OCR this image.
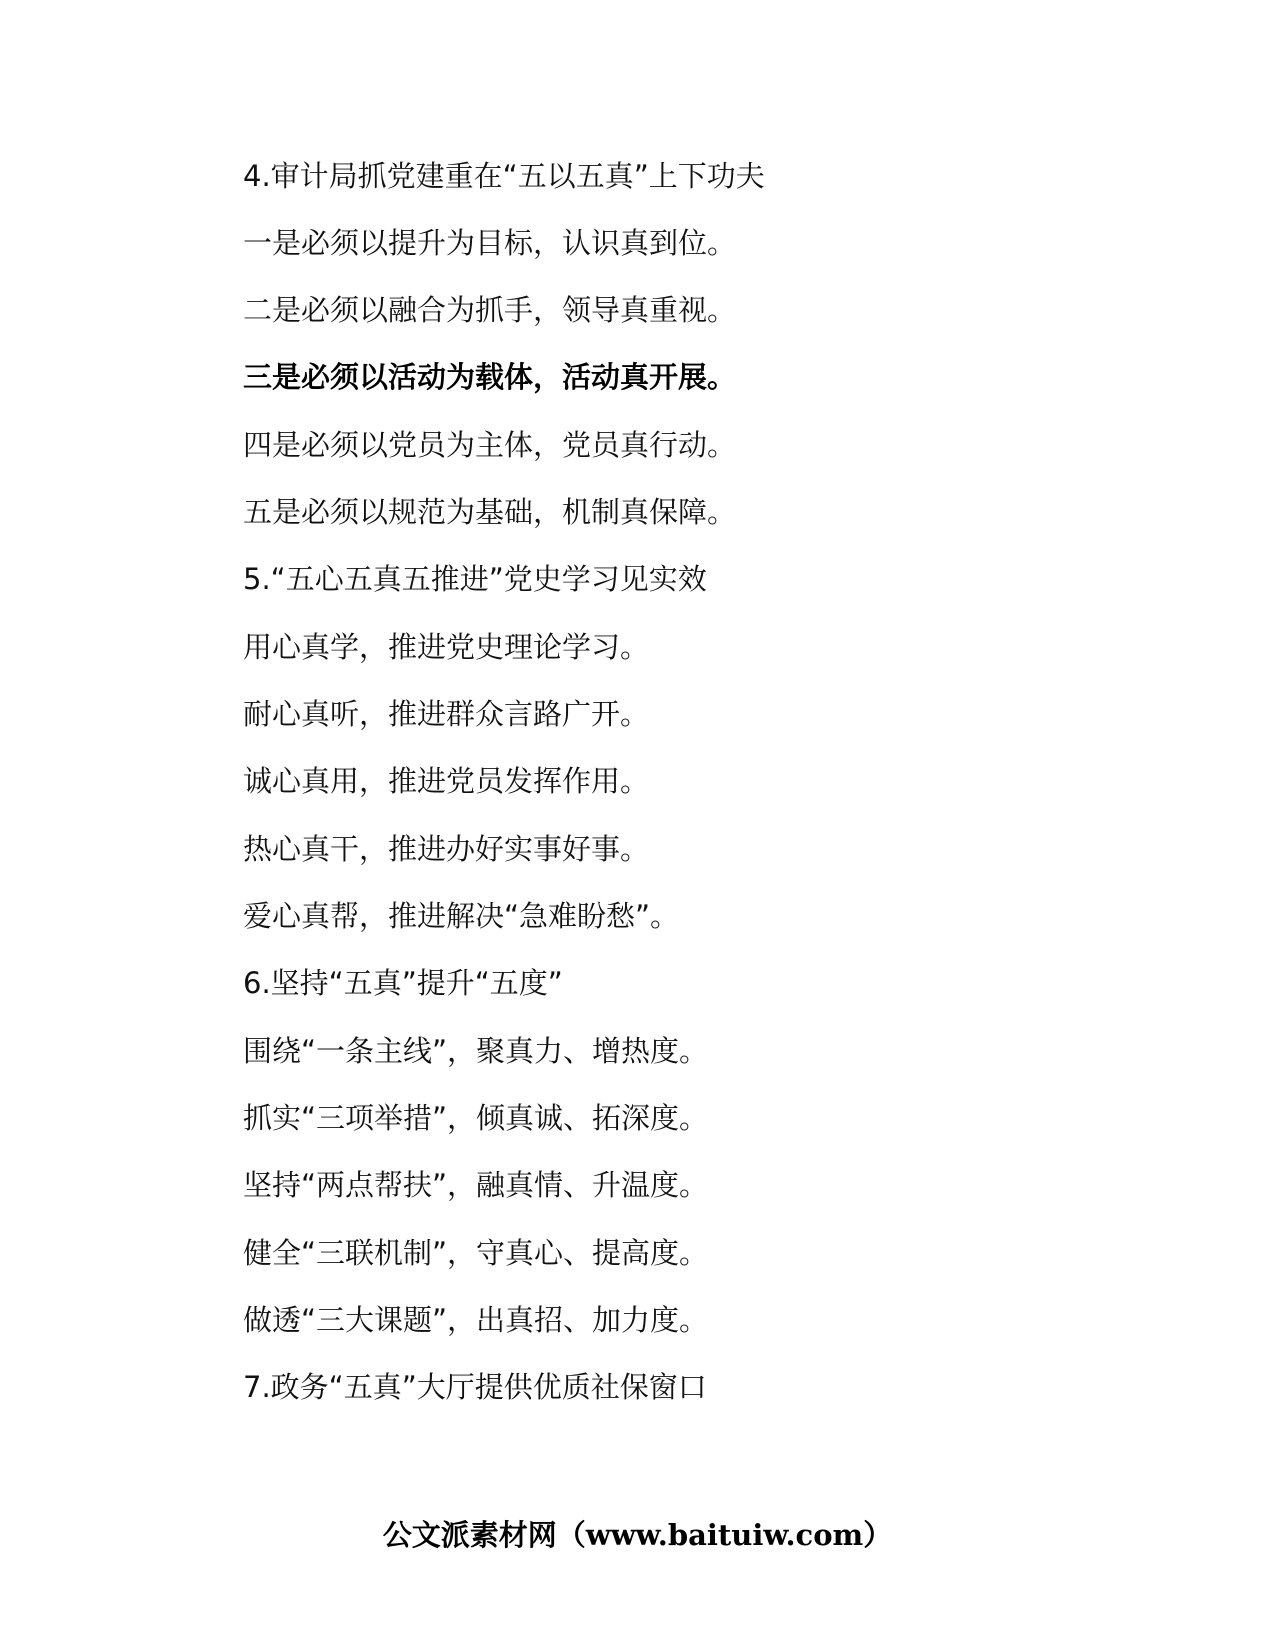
4.审计局抓党建重在“五以五真”上下功夫
一是必须以提升为目标，认识真到位。
二是必须以融合为抓手，领导真重视。
三是必须以活动为载体，活动真开展。
四是必须以党员为主体，党员真行动。
五是必须以规范为基础，机制真保障。
5.“五心五真五推进”党史学习见实效
用心真学，推进党史理论学习。
耐心真听，推进群众言路广开。
诚心真用，推进党员发挥作用。
热心真干，推进办好实事好事。
爱心真帮，推进解决“急难盼愁”。
6.坚持“五真”提升“五度”
围绕“一条主线”，聚真力、增热度。
抓实“三项举措”，倾真诚、拓深度。
坚持“两点帮扶”，融真情、升温度。
健全“三联机制”，守真心、提高度。
做透“三大课题”，出真招、加力度。
7.政务“五真”大厅提供优质社保窗口
公文派素材网（www.baituiw.com）
